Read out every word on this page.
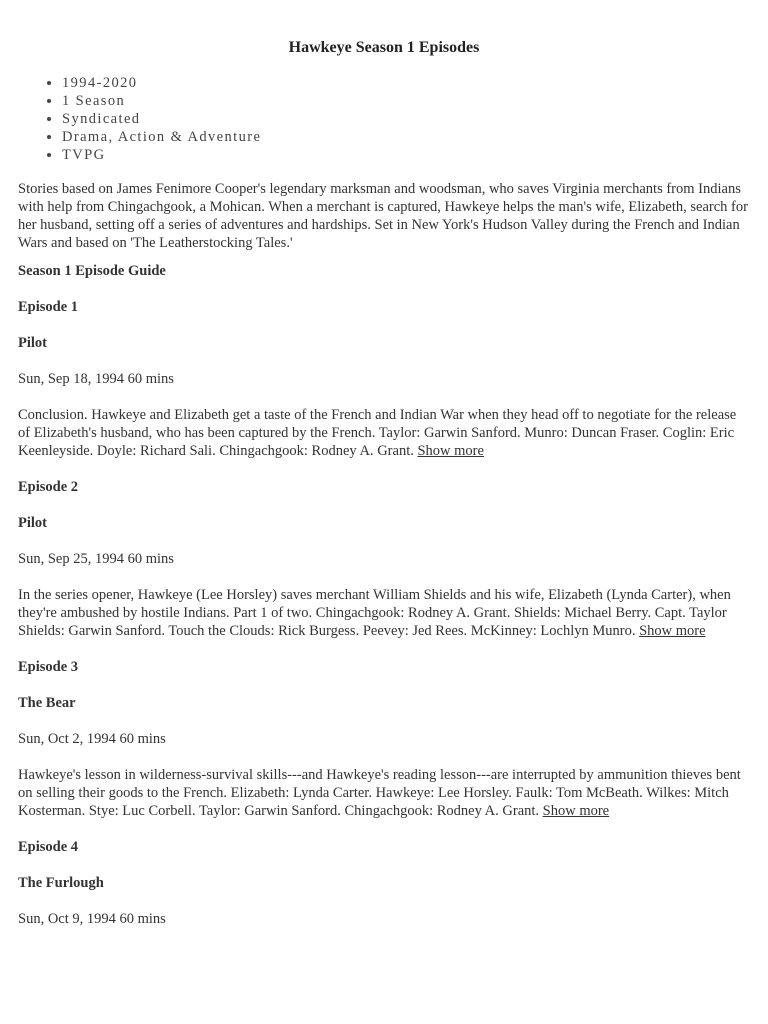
Hawkeye Season 1 Episodes
• 1994-2020
• 1 Season
• Syndicated
• Drama, Action & Adventure
• TVPG

Stories based on James Fenimore Cooper's legendary marksman and woodsman, who saves Virginia merchants from Indians with help from Chingachgook, a Mohican. When a merchant is captured, Hawkeye helps the man's wife, Elizabeth, search for her husband, setting off a series of adventures and hardships. Set in New York's Hudson Valley during the French and Indian Wars and based on 'The Leatherstocking Tales.'

Season 1 Episode Guide

Episode 1

Pilot

Sun, Sep 18, 1994 60 mins

Conclusion. Hawkeye and Elizabeth get a taste of the French and Indian War when they head off to negotiate for the release of Elizabeth's husband, who has been captured by the French. Taylor: Garwin Sanford. Munro: Duncan Fraser. Coglin: Eric Keenleyside. Doyle: Richard Sali. Chingachgook: Rodney A. Grant. Show more

Episode 2

Pilot

Sun, Sep 25, 1994 60 mins

In the series opener, Hawkeye (Lee Horsley) saves merchant William Shields and his wife, Elizabeth (Lynda Carter), when they're ambushed by hostile Indians. Part 1 of two. Chingachgook: Rodney A. Grant. Shields: Michael Berry. Capt. Taylor Shields: Garwin Sanford. Touch the Clouds: Rick Burgess. Peevey: Jed Rees. McKinney: Lochlyn Munro. Show more

Episode 3

The Bear

Sun, Oct 2, 1994 60 mins

Hawkeye's lesson in wilderness-survival skills---and Hawkeye's reading lesson---are interrupted by ammunition thieves bent on selling their goods to the French. Elizabeth: Lynda Carter. Hawkeye: Lee Horsley. Faulk: Tom McBeath. Wilkes: Mitch Kosterman. Stye: Luc Corbell. Taylor: Garwin Sanford. Chingachgook: Rodney A. Grant. Show more

Episode 4

The Furlough

Sun, Oct 9, 1994 60 mins
